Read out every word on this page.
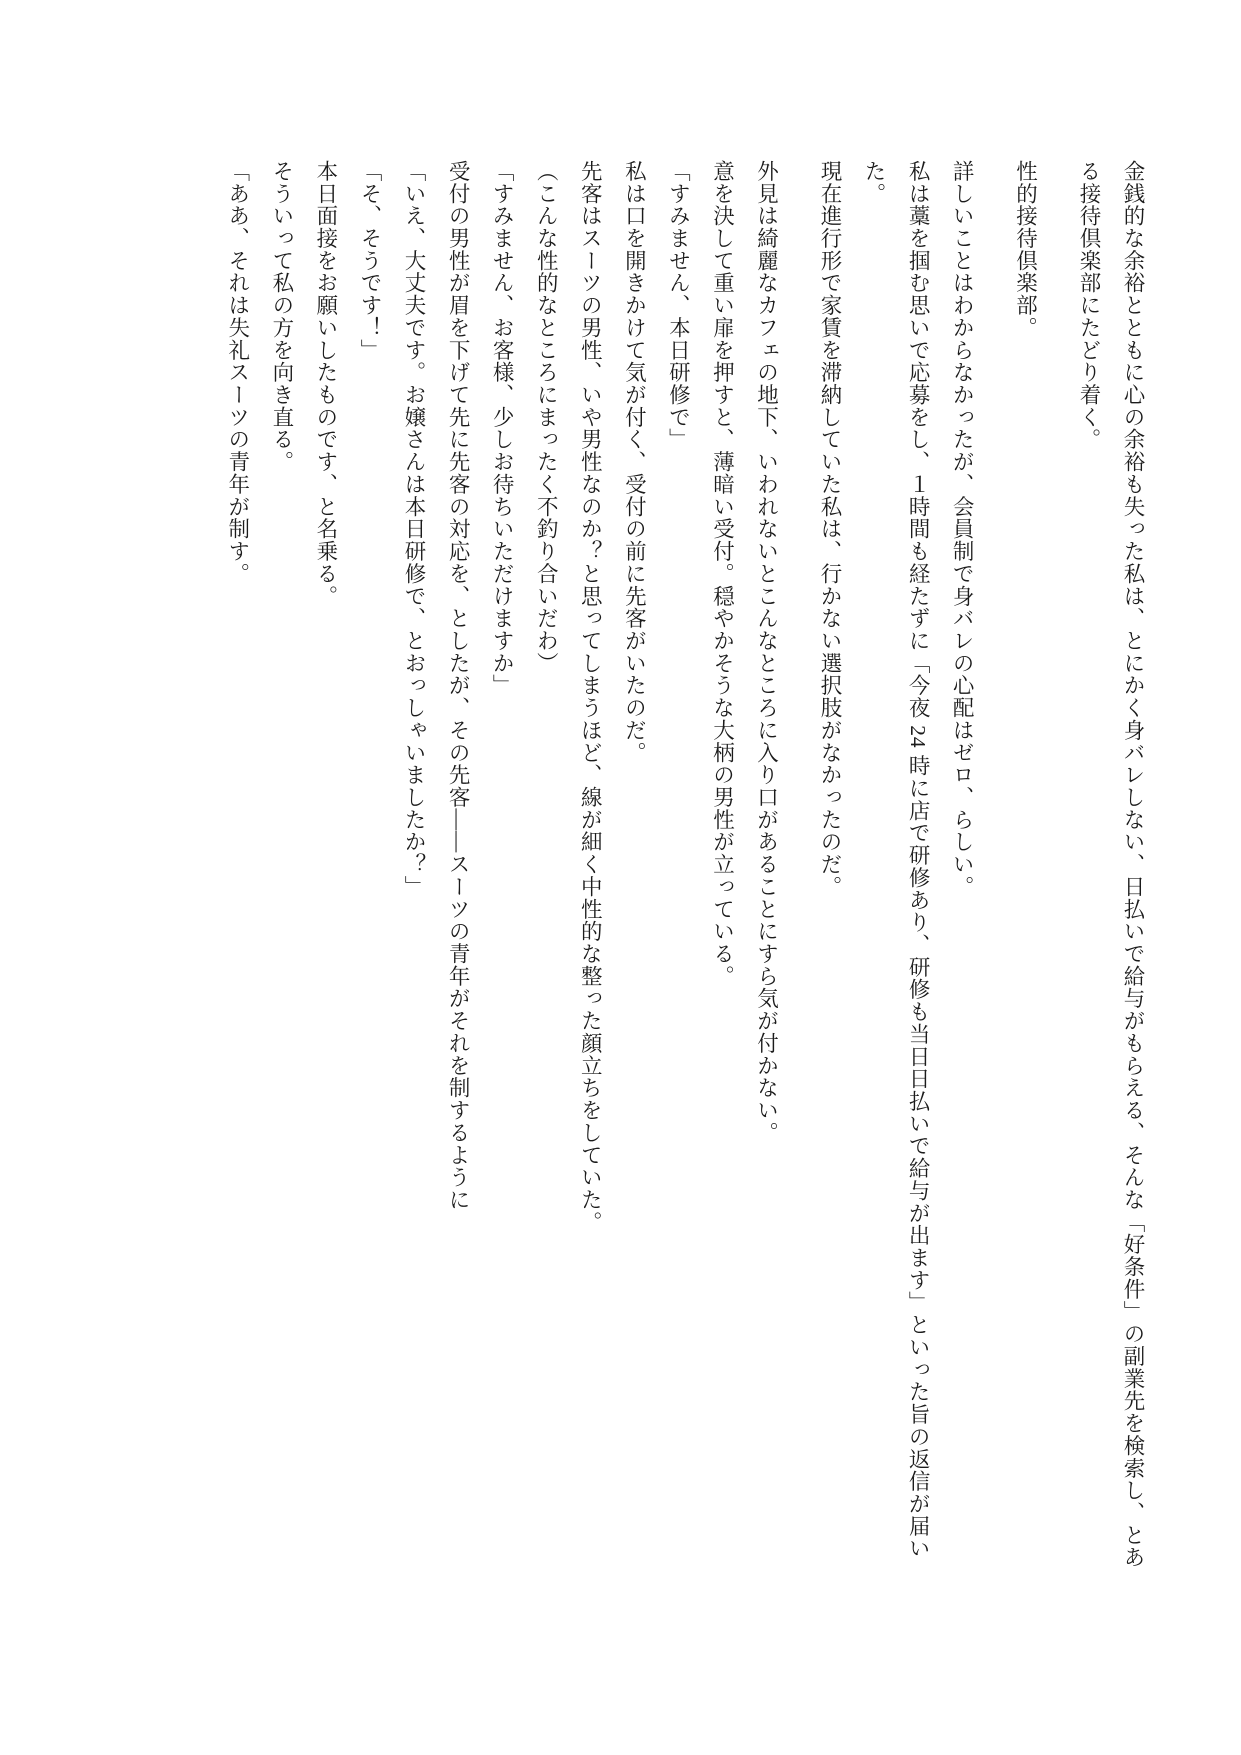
金銭的な余裕とともに心の余裕も失った私は、とにかく身バレしない、日払いで給与がもらえる、そんな「好条件」の副業先を検索し、とある接待倶楽部にたどり着く。

性的接待倶楽部。

詳しいことはわからなかったが、会員制で身バレの心配はゼロ、らしい。

私は藁を掴む思いで応募をし、１時間も経たずに「今夜 24 時に店で研修あり、研修も当日日払いで給与が出ます」といった旨の返信が届いた。

現在進行形で家賃を滞納していた私は、行かない選択肢がなかったのだ。

外見は綺麗なカフェの地下、いわれないとこんなところに入り口があることにすら気が付かない。

意を決して重い扉を押すと、薄暗い受付。穏やかそうな大柄の男性が立っている。

「すみません、本日研修で」

私は口を開きかけて気が付く、受付の前に先客がいたのだ。

先客はスーツの男性、いや男性なのか？と思ってしまうほど、線が細く中性的な整った顔立ちをしていた。

（こんな性的なところにまったく不釣り合いだわ）

「すみません、お客様、少しお待ちいただけますか」

受付の男性が眉を下げて先に先客の対応を、としたが、その先客――スーツの青年がそれを制するように

「いえ、大丈夫です。お嬢さんは本日研修で、とおっしゃいましたか？」

「そ、そうです！」

本日面接をお願いしたものです、と名乗る。

そういって私の方を向き直る。

「ああ、それは失礼スーツの青年が制す。
